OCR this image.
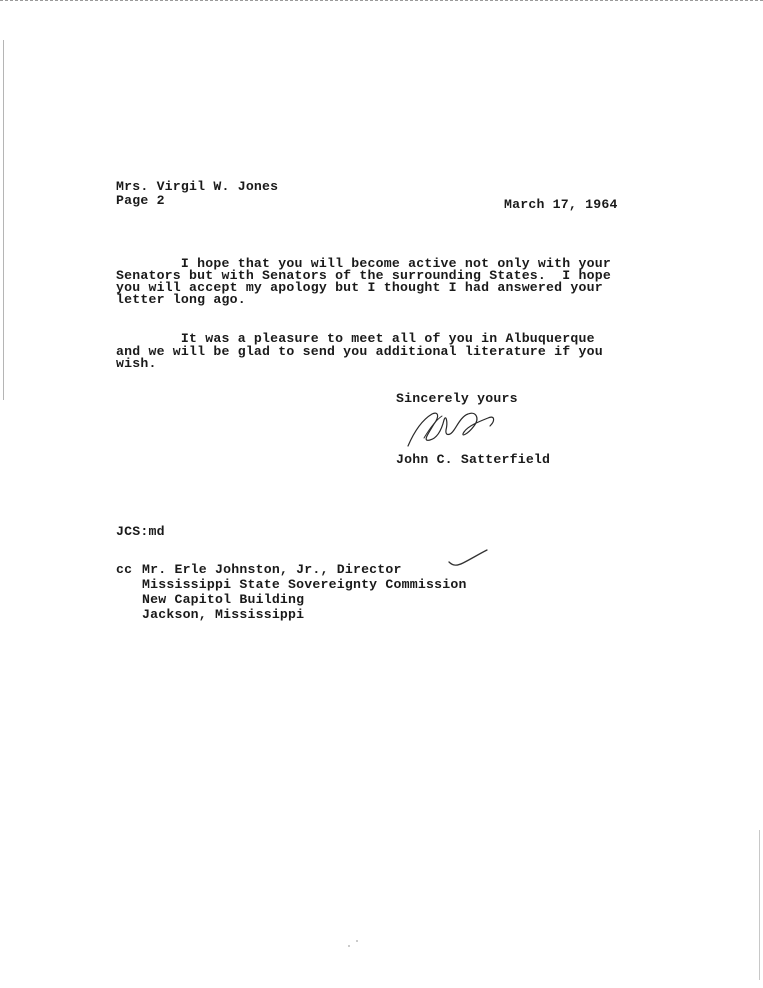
Mrs. Virgil W. Jones
Page 2	March 17, 1964
I hope that you will become active not only with your
Senators but with Senators of the surrounding States.  I hope
you will accept my apology but I thought I had answered your
letter long ago.
It was a pleasure to meet all of you in Albuquerque
and we will be glad to send you additional literature if you
wish.
Sincerely yours
John C. Satterfield
JCS:md
cc Mr. Erle Johnston, Jr., Director
Mississippi State Sovereignty Commission
New Capitol Building
Jackson, Mississippi
